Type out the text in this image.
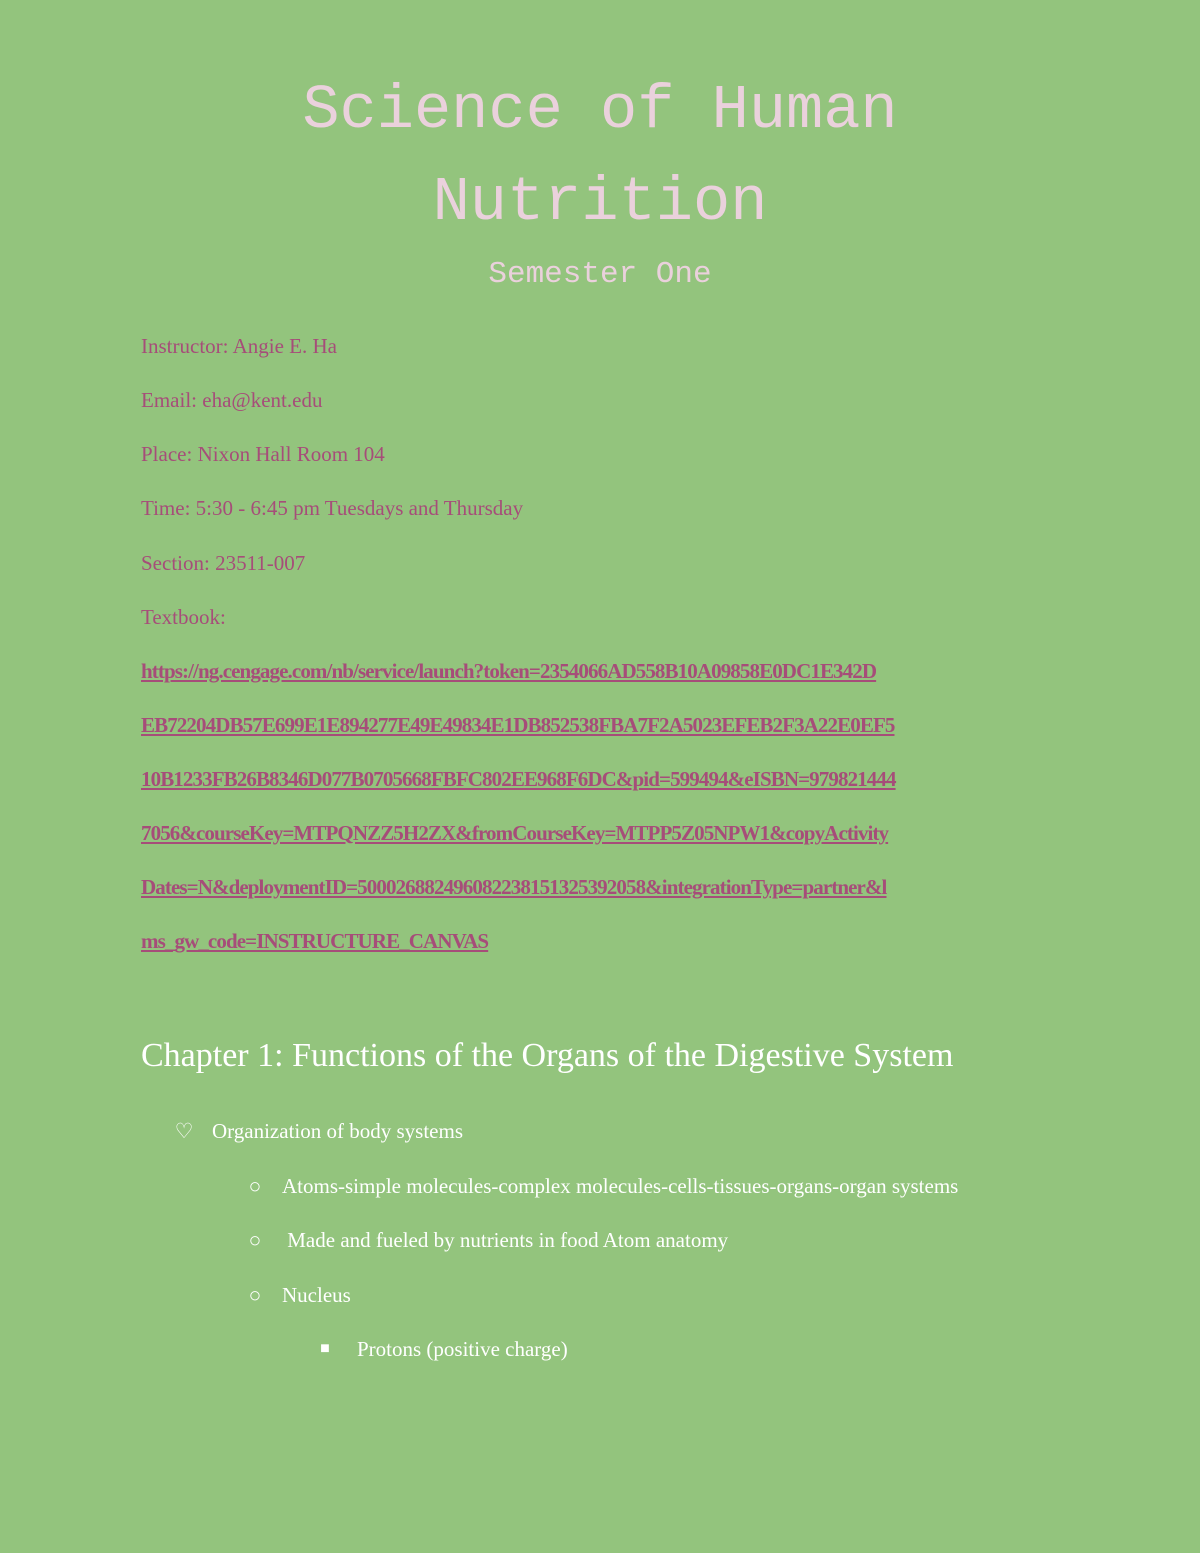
Science of Human
Nutrition
Semester One
Instructor: Angie E. Ha
Email: eha@kent.edu
Place: Nixon Hall Room 104
Time: 5:30 - 6:45 pm Tuesdays and Thursday
Section: 23511-007
Textbook:
https://ng.cengage.com/nb/service/launch?token=2354066AD558B10A09858E0DC1E342D
EB72204DB57E699E1E894277E49E49834E1DB852538FBA7F2A5023EFEB2F3A22E0EF5
10B1233FB26B8346D077B0705668FBFC802EE968F6DC&pid=599494&eISBN=979821444
7056&courseKey=MTPQNZZ5H2ZX&fromCourseKey=MTPP5Z05NPW1&copyActivity
Dates=N&deploymentID=500026882496082238151325392058&integrationType=partner&l
ms_gw_code=INSTRUCTURE_CANVAS
Chapter 1: Functions of the Organs of the Digestive System
♡ Organization of body systems
○ Atoms-simple molecules-complex molecules-cells-tissues-organs-organ systems
○ Made and fueled by nutrients in food Atom anatomy
○ Nucleus
■ Protons (positive charge)
